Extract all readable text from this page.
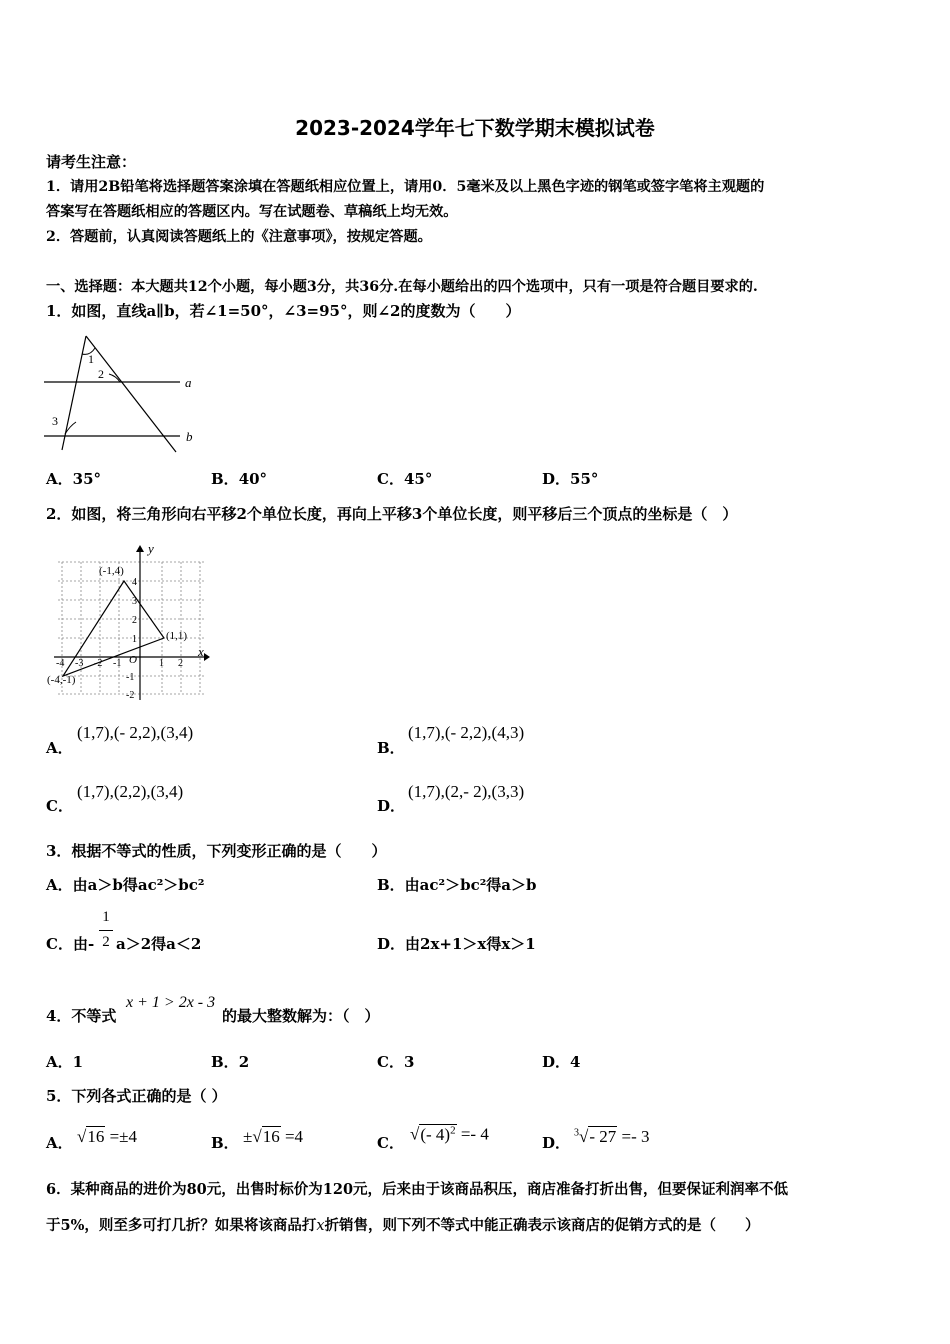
2023-2024学年七下数学期末模拟试卷
请考生注意：
1．请用2B铅笔将选择题答案涂填在答题纸相应位置上，请用0．5毫米及以上黑色字迹的钢笔或签字笔将主观题的
答案写在答题纸相应的答题区内。写在试题卷、草稿纸上均无效。
2．答题前，认真阅读答题纸上的《注意事项》，按规定答题。
一、选择题：本大题共12个小题，每小题3分，共36分.在每小题给出的四个选项中，只有一项是符合题目要求的.
1．如图，直线a∥b，若∠1=50°，∠3=95°，则∠2的度数为（　　）
1
2
3
a
b
A．35°	B．40°	C．45°	D．55°
2．如图，将三角形向右平移2个单位长度，再向上平移3个单位长度，则平移后三个顶点的坐标是（　）
y
x
O
(-1,4)
(1,1)
(-4,-1)
-4 -3 -2 -1	1 2
4
3
2
1
-1
-2
A．
(1,7),(- 2,2),(3,4)
B．
(1,7),(- 2,2),(4,3)
C．
(1,7),(2,2),(3,4)
D．
(1,7),(2,- 2),(3,3)
3．根据不等式的性质，下列变形正确的是（　　）
A．由a＞b得ac²＞bc²	B．由ac²＞bc²得a＞b
C．由-
1
2 a＞2得a＜2	D．由2x+1＞x得x＞1
4．不等式
x + 1 > 2x - 3
的最大整数解为：（　）
A．1	B．2	C．3	D．4
5．下列各式正确的是（ ）
A． √16 =±4	B． ±√16 =4	C． √(- 4)$^2$ =- 4	D．
$^3$√- 27 =- 3
6．某种商品的进价为80元，出售时标价为120元，后来由于该商品积压，商店准备打折出售，但要保证利润率不低
于5%，则至多可打几折？如果将该商品打x折销售，则下列不等式中能正确表示该商店的促销方式的是（　　）
